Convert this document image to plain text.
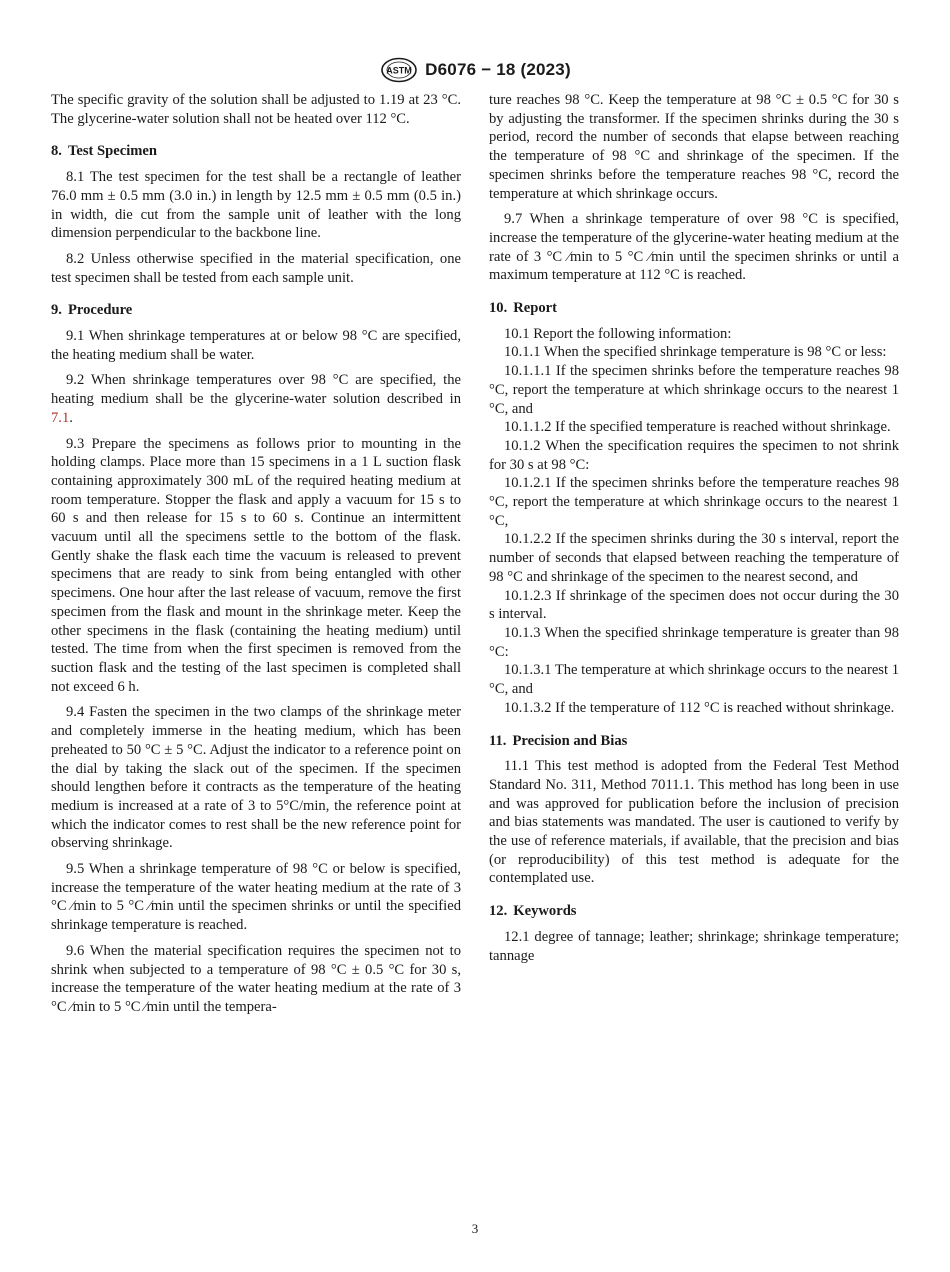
ASTM D6076 − 18 (2023)

The specific gravity of the solution shall be adjusted to 1.19 at 23 °C. The glycerine-water solution shall not be heated over 112 °C.

8. Test Specimen

8.1 The test specimen for the test shall be a rectangle of leather 76.0 mm ± 0.5 mm (3.0 in.) in length by 12.5 mm ± 0.5 mm (0.5 in.) in width, die cut from the sample unit of leather with the long dimension perpendicular to the backbone line.

8.2 Unless otherwise specified in the material specification, one test specimen shall be tested from each sample unit.

9. Procedure

9.1 When shrinkage temperatures at or below 98 °C are specified, the heating medium shall be water.

9.2 When shrinkage temperatures over 98 °C are specified, the heating medium shall be the glycerine-water solution described in 7.1.

9.3 Prepare the specimens as follows prior to mounting in the holding clamps. Place more than 15 specimens in a 1 L suction flask containing approximately 300 mL of the required heating medium at room temperature. Stopper the flask and apply a vacuum for 15 s to 60 s and then release for 15 s to 60 s. Continue an intermittent vacuum until all the specimens settle to the bottom of the flask. Gently shake the flask each time the vacuum is released to prevent specimens that are ready to sink from being entangled with other specimens. One hour after the last release of vacuum, remove the first specimen from the flask and mount in the shrinkage meter. Keep the other specimens in the flask (containing the heating medium) until tested. The time from when the first specimen is removed from the suction flask and the testing of the last specimen is completed shall not exceed 6 h.

9.4 Fasten the specimen in the two clamps of the shrinkage meter and completely immerse in the heating medium, which has been preheated to 50 °C ± 5 °C. Adjust the indicator to a reference point on the dial by taking the slack out of the specimen. If the specimen should lengthen before it contracts as the temperature of the heating medium is increased at a rate of 3 to 5°C/min, the reference point at which the indicator comes to rest shall be the new reference point for observing shrinkage.

9.5 When a shrinkage temperature of 98 °C or below is specified, increase the temperature of the water heating medium at the rate of 3 °C ⁄min to 5 °C ⁄min until the specimen shrinks or until the specified shrinkage temperature is reached.

9.6 When the material specification requires the specimen not to shrink when subjected to a temperature of 98 °C ± 0.5 °C for 30 s, increase the temperature of the water heating medium at the rate of 3 °C ⁄min to 5 °C ⁄min until the tempera-

ture reaches 98 °C. Keep the temperature at 98 °C ± 0.5 °C for 30 s by adjusting the transformer. If the specimen shrinks during the 30 s period, record the number of seconds that elapse between reaching the temperature of 98 °C and shrinkage of the specimen. If the specimen shrinks before the temperature reaches 98 °C, record the temperature at which shrinkage occurs.

9.7 When a shrinkage temperature of over 98 °C is specified, increase the temperature of the glycerine-water heating medium at the rate of 3 °C ⁄min to 5 °C ⁄min until the specimen shrinks or until a maximum temperature at 112 °C is reached.

10. Report

10.1 Report the following information:

10.1.1 When the specified shrinkage temperature is 98 °C or less:

10.1.1.1 If the specimen shrinks before the temperature reaches 98 °C, report the temperature at which shrinkage occurs to the nearest 1 °C, and

10.1.1.2 If the specified temperature is reached without shrinkage.

10.1.2 When the specification requires the specimen to not shrink for 30 s at 98 °C:

10.1.2.1 If the specimen shrinks before the temperature reaches 98 °C, report the temperature at which shrinkage occurs to the nearest 1 °C,

10.1.2.2 If the specimen shrinks during the 30 s interval, report the number of seconds that elapsed between reaching the temperature of 98 °C and shrinkage of the specimen to the nearest second, and

10.1.2.3 If shrinkage of the specimen does not occur during the 30 s interval.

10.1.3 When the specified shrinkage temperature is greater than 98 °C:

10.1.3.1 The temperature at which shrinkage occurs to the nearest 1 °C, and

10.1.3.2 If the temperature of 112 °C is reached without shrinkage.

11. Precision and Bias

11.1 This test method is adopted from the Federal Test Method Standard No. 311, Method 7011.1. This method has long been in use and was approved for publication before the inclusion of precision and bias statements was mandated. The user is cautioned to verify by the use of reference materials, if available, that the precision and bias (or reproducibility) of this test method is adequate for the contemplated use.

12. Keywords

12.1 degree of tannage; leather; shrinkage; shrinkage temperature; tannage

3
